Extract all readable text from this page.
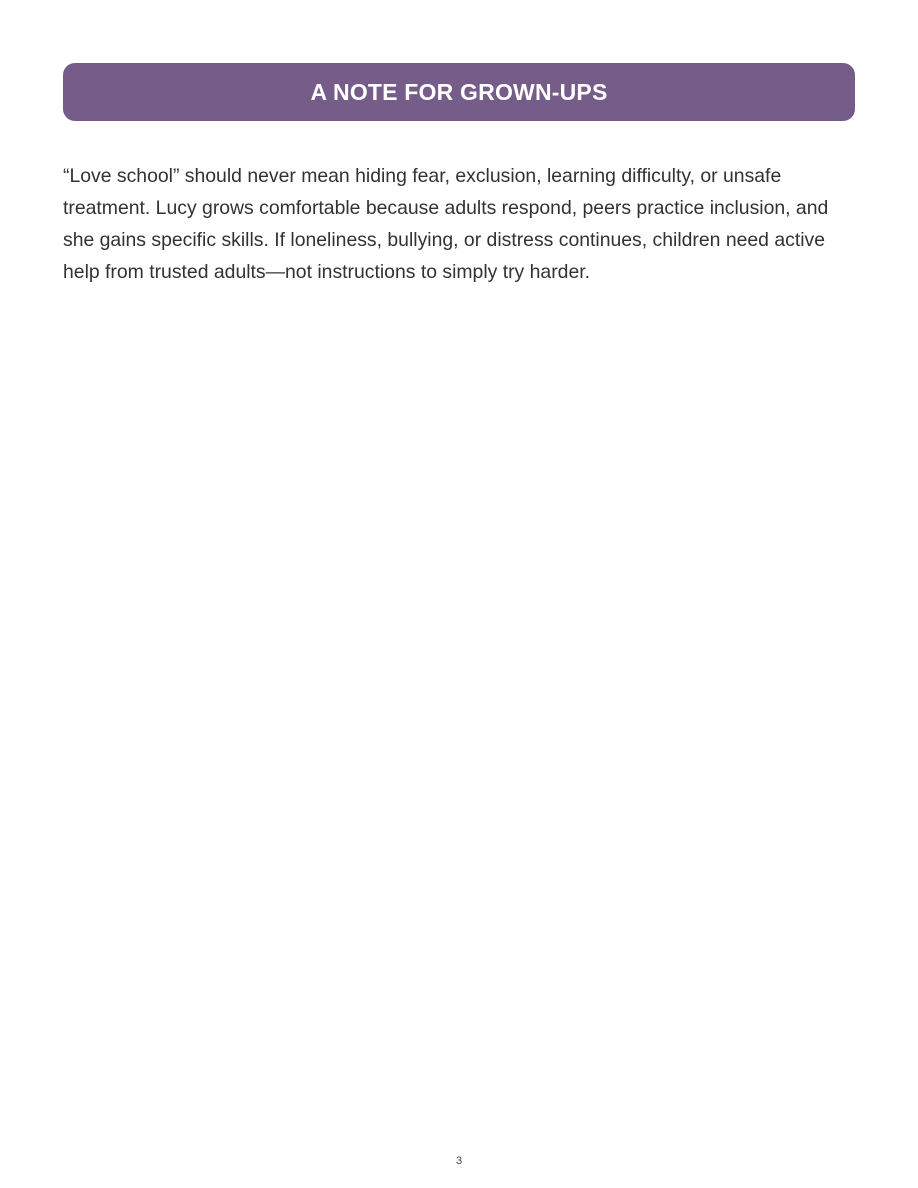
A NOTE FOR GROWN-UPS

“Love school” should never mean hiding fear, exclusion, learning difficulty, or unsafe treatment. Lucy grows comfortable because adults respond, peers practice inclusion, and she gains specific skills. If loneliness, bullying, or distress continues, children need active help from trusted adults—not instructions to simply try harder.

3
